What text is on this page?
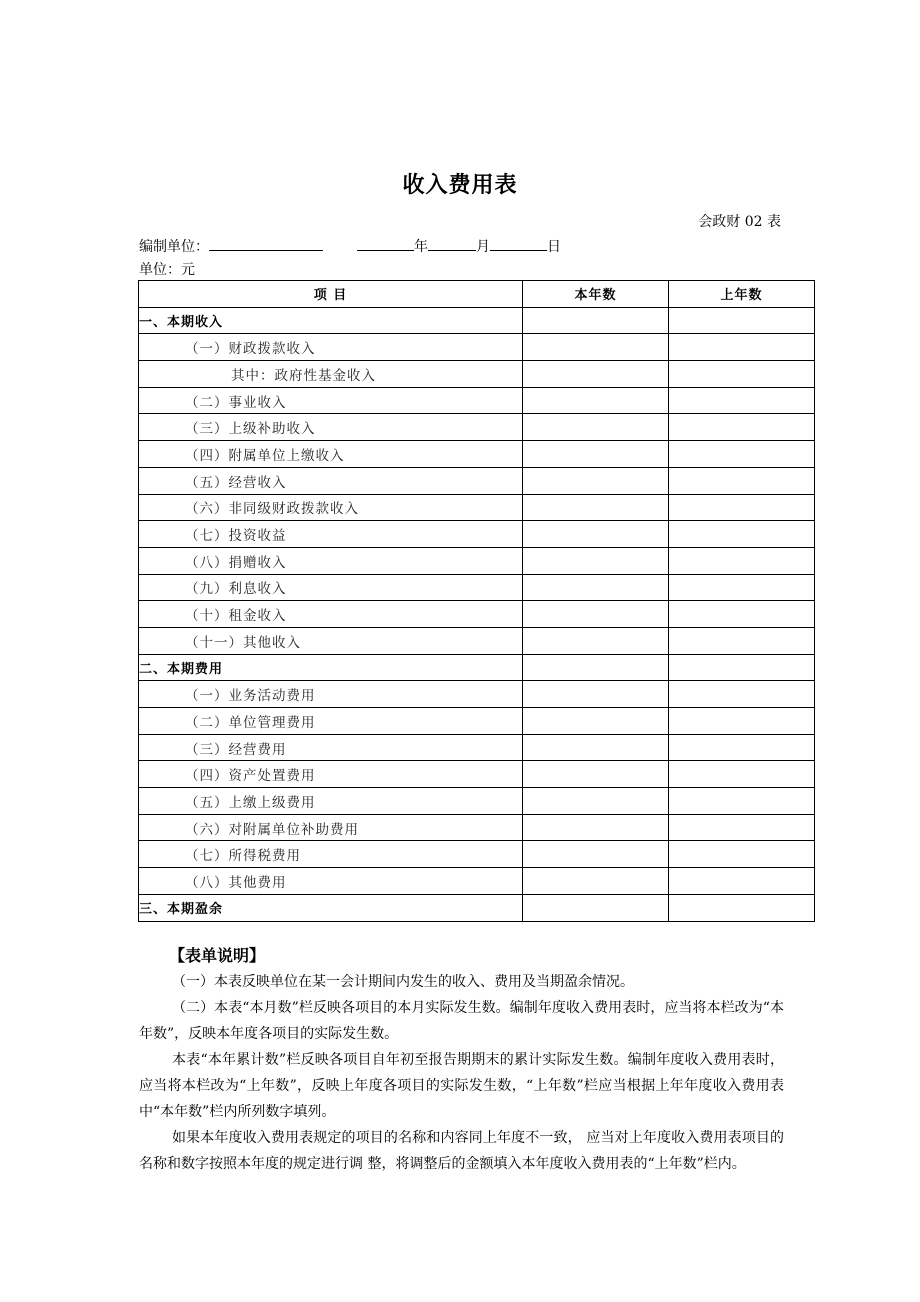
收入费用表
会政财 02 表
编制单位：	年	月	日
单位：元
项 目	本年数	上年数
一、本期收入		
（一）财政拨款收入		
其中：政府性基金收入		
（二）事业收入		
（三）上级补助收入		
（四）附属单位上缴收入		
（五）经营收入		
（六）非同级财政拨款收入		
（七）投资收益		
（八）捐赠收入		
（九）利息收入		
（十）租金收入		
（十一）其他收入		
二、本期费用		
（一）业务活动费用		
（二）单位管理费用		
（三）经营费用		
（四）资产处置费用		
（五）上缴上级费用		
（六）对附属单位补助费用		
（七）所得税费用		
（八）其他费用		
三、本期盈余		
【表单说明】

（一）本表反映单位在某一会计期间内发生的收入、费用及当期盈余情况。

（二）本表“本月数”栏反映各项目的本月实际发生数。编制年度收入费用表时，应当将本栏改为“本年数”，反映本年度各项目的实际发生数。

本表“本年累计数”栏反映各项目自年初至报告期期末的累计实际发生数。编制年度收入费用表时，应当将本栏改为“上年数”，反映上年度各项目的实际发生数，“上年数”栏应当根据上年年度收入费用表中“本年数”栏内所列数字填列。

如果本年度收入费用表规定的项目的名称和内容同上年度不一致， 应当对上年度收入费用表项目的名称和数字按照本年度的规定进行调 整，将调整后的金额填入本年度收入费用表的“上年数”栏内。
